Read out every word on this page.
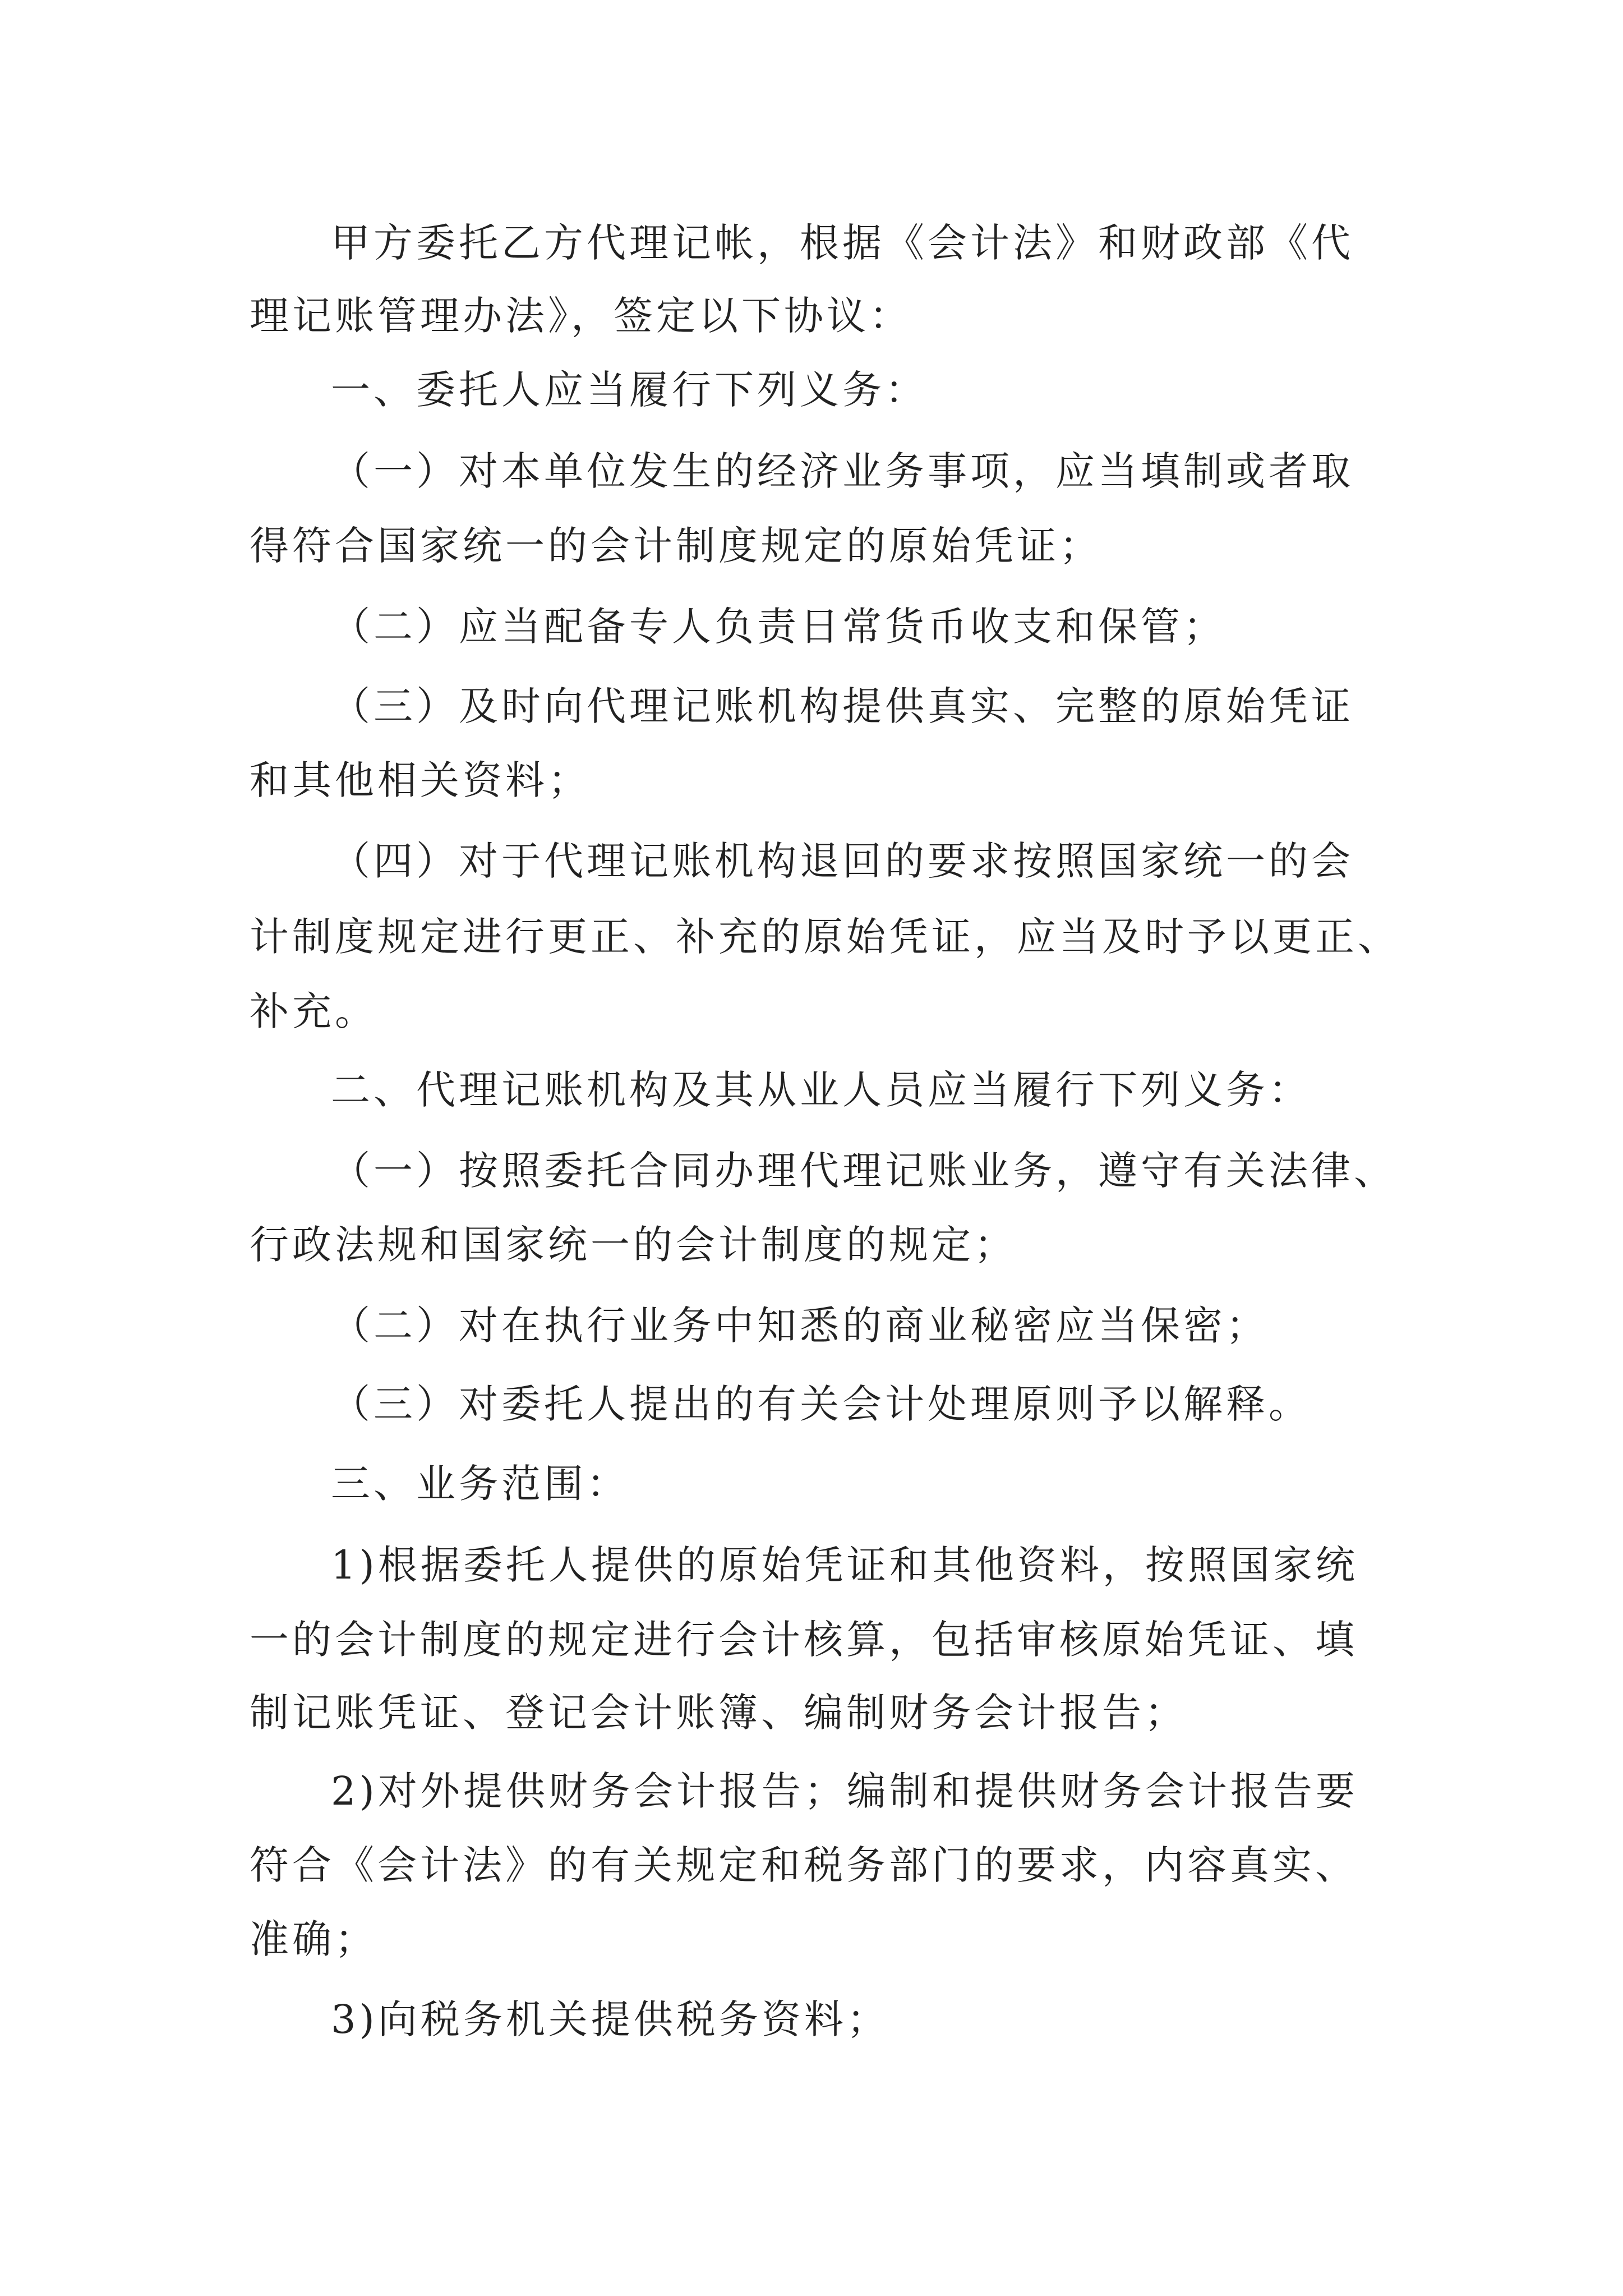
甲方委托乙方代理记帐，根据《会计法》和财政部《代

理记账管理办法》，签定以下协议：

一、委托人应当履行下列义务：

（一）对本单位发生的经济业务事项，应当填制或者取

得符合国家统一的会计制度规定的原始凭证；

（二）应当配备专人负责日常货币收支和保管；

（三）及时向代理记账机构提供真实、完整的原始凭证

和其他相关资料；

（四）对于代理记账机构退回的要求按照国家统一的会

计制度规定进行更正、补充的原始凭证，应当及时予以更正、

补充。

二、代理记账机构及其从业人员应当履行下列义务：

（一）按照委托合同办理代理记账业务，遵守有关法律、

行政法规和国家统一的会计制度的规定；

（二）对在执行业务中知悉的商业秘密应当保密；

（三）对委托人提出的有关会计处理原则予以解释。

三、业务范围：

1)根据委托人提供的原始凭证和其他资料，按照国家统

一的会计制度的规定进行会计核算，包括审核原始凭证、填

制记账凭证、登记会计账簿、编制财务会计报告；

2)对外提供财务会计报告；编制和提供财务会计报告要

符合《会计法》的有关规定和税务部门的要求，内容真实、

准确；

3)向税务机关提供税务资料；
